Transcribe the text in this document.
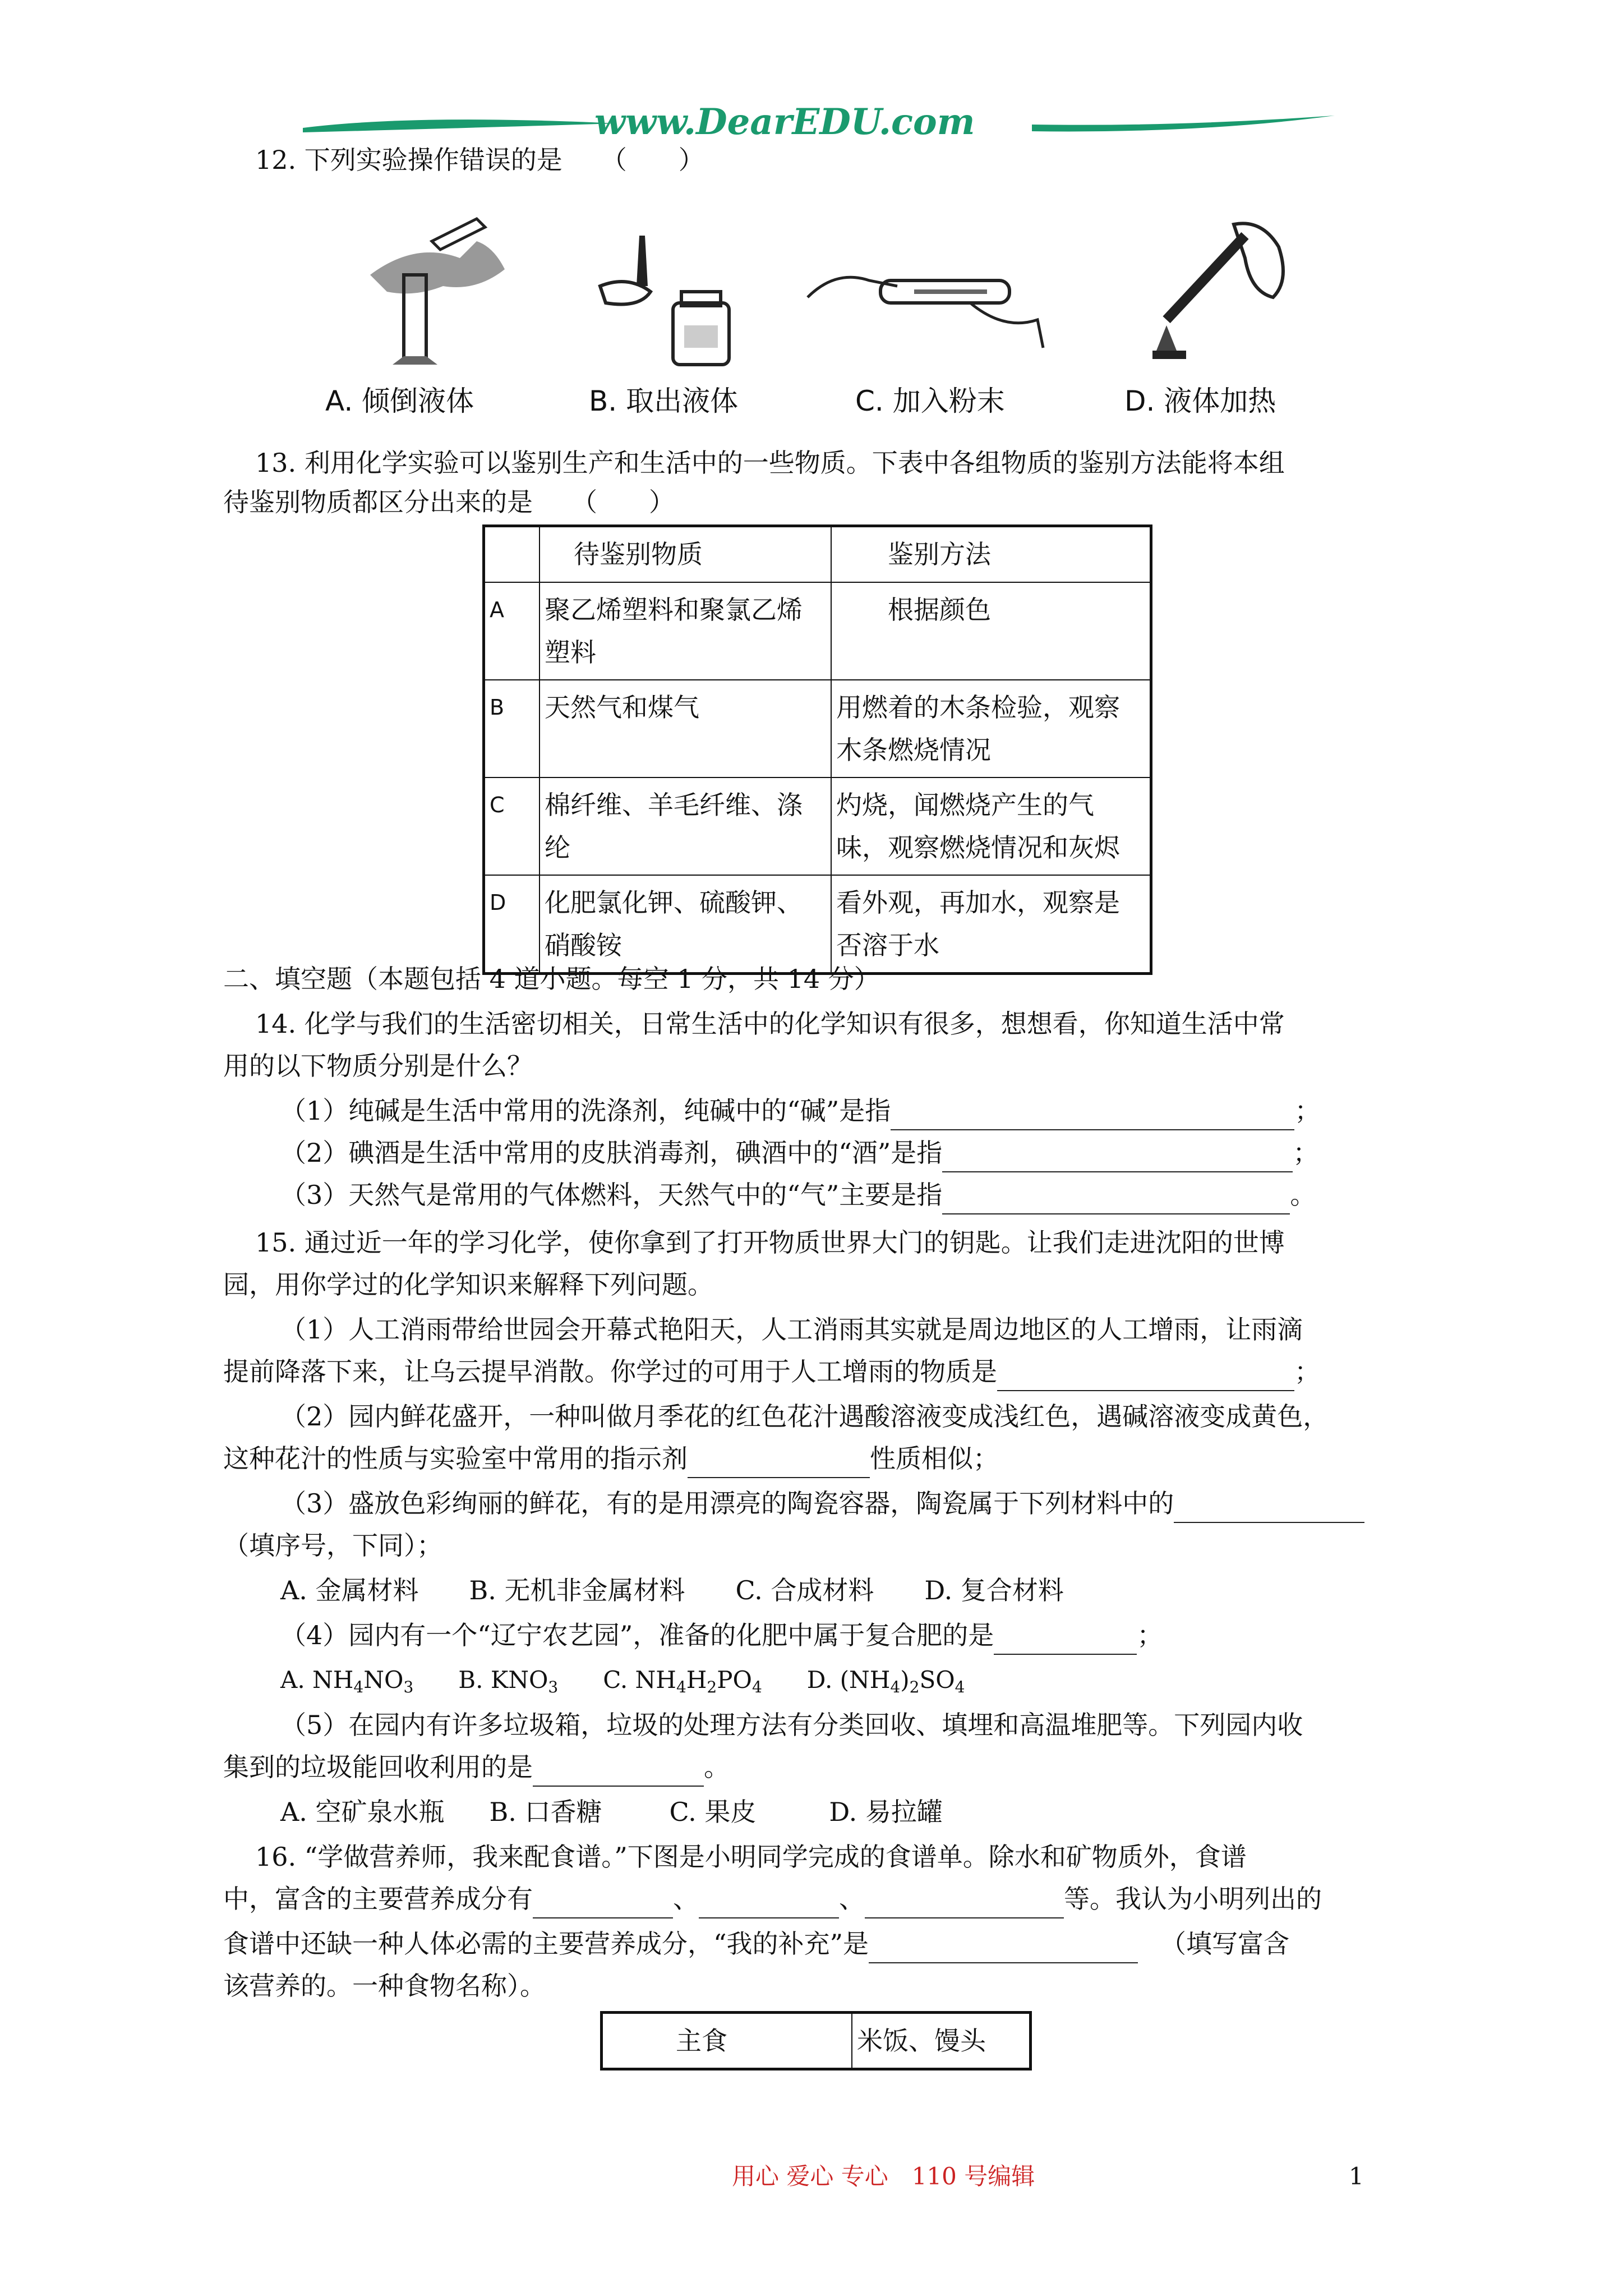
www.DearEDU.com
12. 下列实验操作错误的是　　（　　）
A. 倾倒液体	B. 取出液体	C. 加入粉末	D. 液体加热
13. 利用化学实验可以鉴别生产和生活中的一些物质。下表中各组物质的鉴别方法能将本组
待鉴别物质都区分出来的是　　（　　）
	待鉴别物质	鉴别方法
A	聚乙烯塑料和聚氯乙烯塑料	根据颜色
B	天然气和煤气	用燃着的木条检验，观察木条燃烧情况
C	棉纤维、羊毛纤维、涤纶	灼烧，闻燃烧产生的气味，观察燃烧情况和灰烬
D	化肥氯化钾、硫酸钾、硝酸铵	看外观，再加水，观察是否溶于水
二、填空题（本题包括 4 道小题。每空 1 分，共 14 分）
14. 化学与我们的生活密切相关，日常生活中的化学知识有很多，想想看，你知道生活中常
用的以下物质分别是什么？
（1）纯碱是生活中常用的洗涤剂，纯碱中的“碱”是指	；
（2）碘酒是生活中常用的皮肤消毒剂，碘酒中的“酒”是指	；
（3）天然气是常用的气体燃料，天然气中的“气”主要是指	。
15. 通过近一年的学习化学，使你拿到了打开物质世界大门的钥匙。让我们走进沈阳的世博
园，用你学过的化学知识来解释下列问题。
（1）人工消雨带给世园会开幕式艳阳天，人工消雨其实就是周边地区的人工增雨，让雨滴
提前降落下来，让乌云提早消散。你学过的可用于人工增雨的物质是	；
（2）园内鲜花盛开，一种叫做月季花的红色花汁遇酸溶液变成浅红色，遇碱溶液变成黄色，
这种花汁的性质与实验室中常用的指示剂	性质相似；
（3）盛放色彩绚丽的鲜花，有的是用漂亮的陶瓷容器，陶瓷属于下列材料中的
（填序号，下同）；
A. 金属材料 B. 无机非金属材料 C. 合成材料 D. 复合材料
（4）园内有一个“辽宁农艺园”，准备的化肥中属于复合肥的是	；
A. $NH_4NO_3$ B. $KNO_3$ C. $NH_4H_2PO_4$ D. $(NH_4)_2SO_4$
（5）在园内有许多垃圾箱，垃圾的处理方法有分类回收、填埋和高温堆肥等。下列园内收
集到的垃圾能回收利用的是	。
A. 空矿泉水瓶 B. 口香糖	C. 果皮	D. 易拉罐
16. “学做营养师，我来配食谱。”下图是小明同学完成的食谱单。除水和矿物质外，食谱
中，富含的主要营养成分有	、	、	等。我认为小明列出的
食谱中还缺一种人体必需的主要营养成分，“我的补充”是	（填写富含
该营养的。一种食物名称）。
主食	米饭、馒头
用心 爱心 专心　110 号编辑	1
